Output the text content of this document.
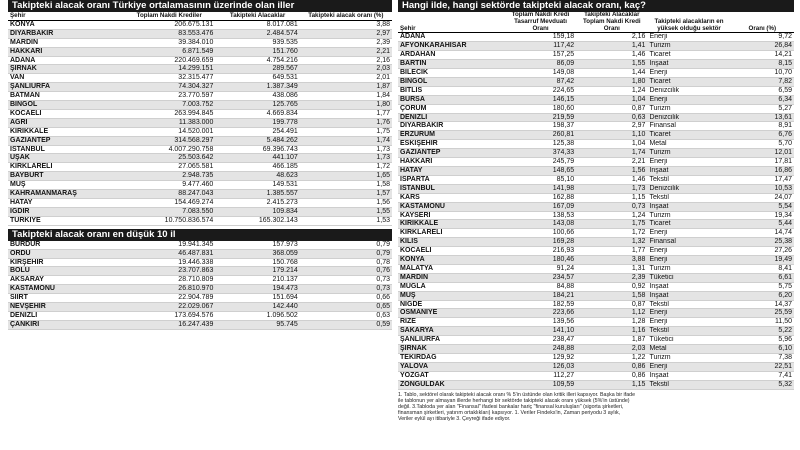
Takipteki alacak oranı Türkiye ortalamasının üzerinde olan iller
Şehir	Toplam Nakdi Krediler	Takipteki Alacaklar	Takipteki alacak oranı (%)
KONYA	206.675.131	8.017.081	3,88
DİYARBAKIR	83.553.476	2.484.574	2,97
MARDİN	39.384.010	939.535	2,39
HAKKARİ	6.871.549	151.760	2,21
ADANA	220.469.659	4.754.216	2,16
ŞIRNAK	14.299.151	289.567	2,03
VAN	32.315.477	649.531	2,01
ŞANLIURFA	74.304.327	1.387.349	1,87
BATMAN	23.770.597	438.086	1,84
BİNGÖL	7.003.752	125.765	1,80
KOCAELİ	263.994.845	4.669.834	1,77
AĞRI	11.383.000	199.778	1,76
KIRIKKALE	14.520.001	254.491	1,75
GAZİANTEP	314.568.297	5.484.262	1,74
İSTANBUL	4.007.290.758	69.396.743	1,73
UŞAK	25.503.642	441.107	1,73
KIRKLARELİ	27.065.581	466.185	1,72
BAYBURT	2.948.735	48.623	1,65
MUŞ	9.477.460	149.531	1,58
KAHRAMANMARAŞ	88.247.043	1.385.557	1,57
HATAY	154.469.274	2.415.273	1,56
IĞDIR	7.083.550	109.834	1,55
TÜRKİYE	10.750.836.574	165.302.143	1,53
Takipteki alacak oranı en düşük 10 il
BURDUR	19.941.345	157.973	0,79
ORDU	46.487.831	368.059	0,79
KIRŞEHİR	19.446.338	150.768	0,78
BOLU	23.707.863	179.214	0,76
AKSARAY	28.710.809	210.137	0,73
KASTAMONU	26.810.970	194.473	0,73
SİİRT	22.904.789	151.694	0,66
NEVŞEHİR	22.029.067	142.440	0,65
DENİZLİ	173.694.576	1.096.502	0,63
ÇANKIRI	16.247.439	95.745	0,59
Hangi ilde, hangi sektörde takipteki alacak oranı, kaç?
Şehir	Toplam Nakdi Kredi Tasarruf Mevduatı Oranı	Takipteki Alacaklar Toplam Nakdi Kredi Oranı	Takipteki alacakların en yüksek olduğu sektör	Oranı (%)
ADANA	159,18	2,16	Enerji	9,72
AFYONKARAHİSAR	117,42	1,41	Turizm	26,84
ARDAHAN	157,25	1,46	Ticaret	14,21
BARTIN	86,09	1,55	İnşaat	8,15
BİLECİK	149,08	1,44	Enerji	10,70
BİNGÖL	87,42	1,80	Ticaret	7,82
BİTLİS	224,65	1,24	Denizcilik	6,59
BURSA	146,15	1,04	Enerji	6,34
ÇORUM	180,60	0,87	Turizm	5,27
DENİZLİ	219,59	0,63	Denizcilik	13,61
DİYARBAKIR	198,37	2,97	Finansal	8,91
ERZURUM	260,81	1,10	Ticaret	6,76
ESKİŞEHİR	125,38	1,04	Metal	5,70
GAZİANTEP	374,33	1,74	Turizm	12,01
HAKKARİ	245,79	2,21	Enerji	17,81
HATAY	148,65	1,56	İnşaat	16,86
ISPARTA	85,10	1,46	Tekstil	17,47
İSTANBUL	141,98	1,73	Denizcilik	10,53
KARS	162,88	1,15	Tekstil	24,07
KASTAMONU	167,09	0,73	İnşaat	5,54
KAYSERİ	138,53	1,24	Turizm	19,34
KIRIKKALE	143,08	1,75	Ticaret	5,44
KIRKLARELİ	100,66	1,72	Enerji	14,74
KİLİS	169,28	1,32	Finansal	25,38
KOCAELİ	216,93	1,77	Enerji	27,26
KONYA	180,46	3,88	Enerji	19,49
MALATYA	91,24	1,31	Turizm	8,41
MARDİN	234,57	2,39	Tüketici	6,61
MUĞLA	84,88	0,92	İnşaat	5,75
MUŞ	184,21	1,58	İnşaat	6,20
NİĞDE	182,59	0,87	Tekstil	14,37
OSMANİYE	223,66	1,12	Enerji	25,59
RİZE	139,56	1,28	Enerji	11,50
SAKARYA	141,10	1,16	Tekstil	5,22
ŞANLIURFA	238,47	1,87	Tüketici	5,96
ŞIRNAK	248,88	2,03	Metal	6,10
TEKİRDAĞ	129,92	1,22	Turizm	7,38
YALOVA	126,03	0,86	Enerji	22,51
YOZGAT	112,27	0,86	İnşaat	7,41
ZONGULDAK	109,59	1,15	Tekstil	5,32
1. Tablo, sektörel olarak takipteki alacak oranı % 5'in üstünde olan kritik illeri kapsıyor. Başka bir ifade
ile tablonun yer almayan illerde herhangi bir sektörde takipteki alacak oranı yüksek (5%'in üstünde)
değil. 3.Tabloda yer alan "Finansal" ifadesi bankalar hariç "finansal kuruluşları" (sigorta şirketleri,
finansman şirketleri, yatırım ortaklıkları) kapsıyor. 1. Veriler Findeks'in, Zaman periyodu 3 aylık,
Veriler eylül ayı itibariyle 3. Çeyreği ifade ediyor.
